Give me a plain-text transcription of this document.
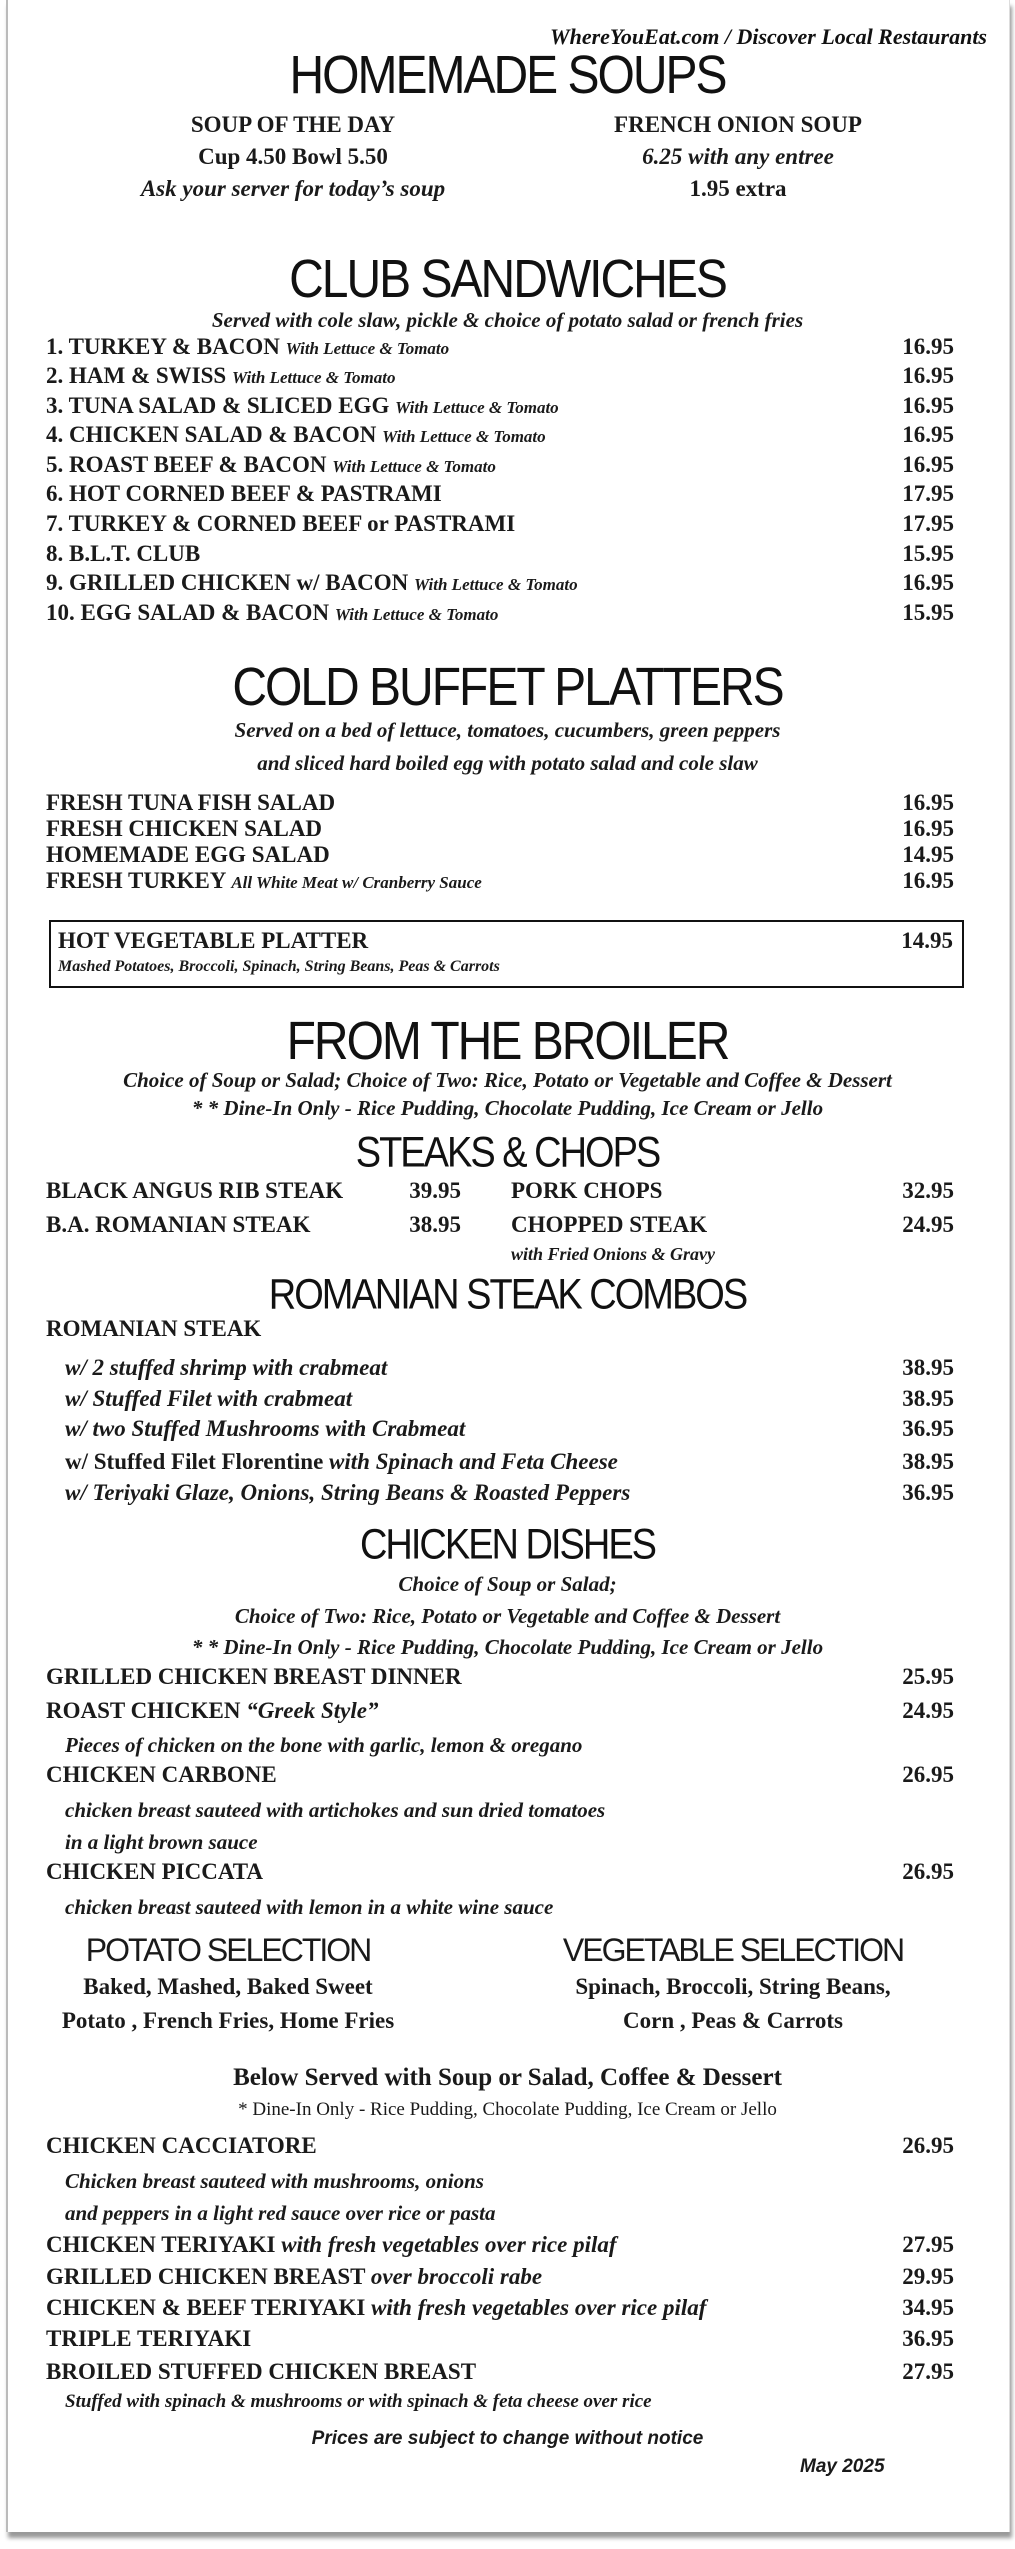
WhereYouEat.com / Discover Local Restaurants
HOMEMADE SOUPS
SOUP OF THE DAY
Cup 4.50 Bowl 5.50
Ask your server for today’s soup
FRENCH ONION SOUP
6.25 with any entree
1.95 extra
CLUB SANDWICHES
Served with cole slaw, pickle & choice of potato salad or french fries
1. TURKEY & BACON With Lettuce & Tomato	16.95
2. HAM & SWISS With Lettuce & Tomato	16.95
3. TUNA SALAD & SLICED EGG With Lettuce & Tomato	16.95
4. CHICKEN SALAD & BACON With Lettuce & Tomato	16.95
5. ROAST BEEF & BACON With Lettuce & Tomato	16.95
6. HOT CORNED BEEF & PASTRAMI	17.95
7. TURKEY & CORNED BEEF or PASTRAMI	17.95
8. B.L.T. CLUB	15.95
9. GRILLED CHICKEN w/ BACON With Lettuce & Tomato	16.95
10. EGG SALAD & BACON With Lettuce & Tomato	15.95
COLD BUFFET PLATTERS
Served on a bed of lettuce, tomatoes, cucumbers, green peppers
and sliced hard boiled egg with potato salad and cole slaw
FRESH TUNA FISH SALAD	16.95
FRESH CHICKEN SALAD	16.95
HOMEMADE EGG SALAD	14.95
FRESH TURKEY All White Meat w/ Cranberry Sauce	16.95
HOT VEGETABLE PLATTER	14.95
Mashed Potatoes, Broccoli, Spinach, String Beans, Peas & Carrots
FROM THE BROILER
Choice of Soup or Salad; Choice of Two: Rice, Potato or Vegetable and Coffee & Dessert
* * Dine-In Only - Rice Pudding, Chocolate Pudding, Ice Cream or Jello
STEAKS & CHOPS
BLACK ANGUS RIB STEAK	39.95 PORK CHOPS	32.95
B.A. ROMANIAN STEAK	38.95 CHOPPED STEAK	24.95
with Fried Onions & Gravy
ROMANIAN STEAK COMBOS
ROMANIAN STEAK
w/ 2 stuffed shrimp with crabmeat	38.95
w/ Stuffed Filet with crabmeat	38.95
w/ two Stuffed Mushrooms with Crabmeat	36.95
w/ Stuffed Filet Florentine with Spinach and Feta Cheese	38.95
w/ Teriyaki Glaze, Onions, String Beans & Roasted Peppers	36.95
CHICKEN DISHES
Choice of Soup or Salad;
Choice of Two: Rice, Potato or Vegetable and Coffee & Dessert
* * Dine-In Only - Rice Pudding, Chocolate Pudding, Ice Cream or Jello
GRILLED CHICKEN BREAST DINNER	25.95
ROAST CHICKEN “Greek Style”	24.95
Pieces of chicken on the bone with garlic, lemon & oregano
CHICKEN CARBONE	26.95
chicken breast sauteed with artichokes and sun dried tomatoes
in a light brown sauce
CHICKEN PICCATA	26.95
chicken breast sauteed with lemon in a white wine sauce
POTATO SELECTION
Baked, Mashed, Baked Sweet
Potato , French Fries, Home Fries
VEGETABLE SELECTION
Spinach, Broccoli, String Beans,
Corn , Peas & Carrots
Below Served with Soup or Salad, Coffee & Dessert
* Dine-In Only - Rice Pudding, Chocolate Pudding, Ice Cream or Jello
CHICKEN CACCIATORE	26.95
Chicken breast sauteed with mushrooms, onions
and peppers in a light red sauce over rice or pasta
CHICKEN TERIYAKI with fresh vegetables over rice pilaf	27.95
GRILLED CHICKEN BREAST over broccoli rabe	29.95
CHICKEN & BEEF TERIYAKI with fresh vegetables over rice pilaf	34.95
TRIPLE TERIYAKI	36.95
BROILED STUFFED CHICKEN BREAST	27.95
Stuffed with spinach & mushrooms or with spinach & feta cheese over rice
Prices are subject to change without notice
May 2025
